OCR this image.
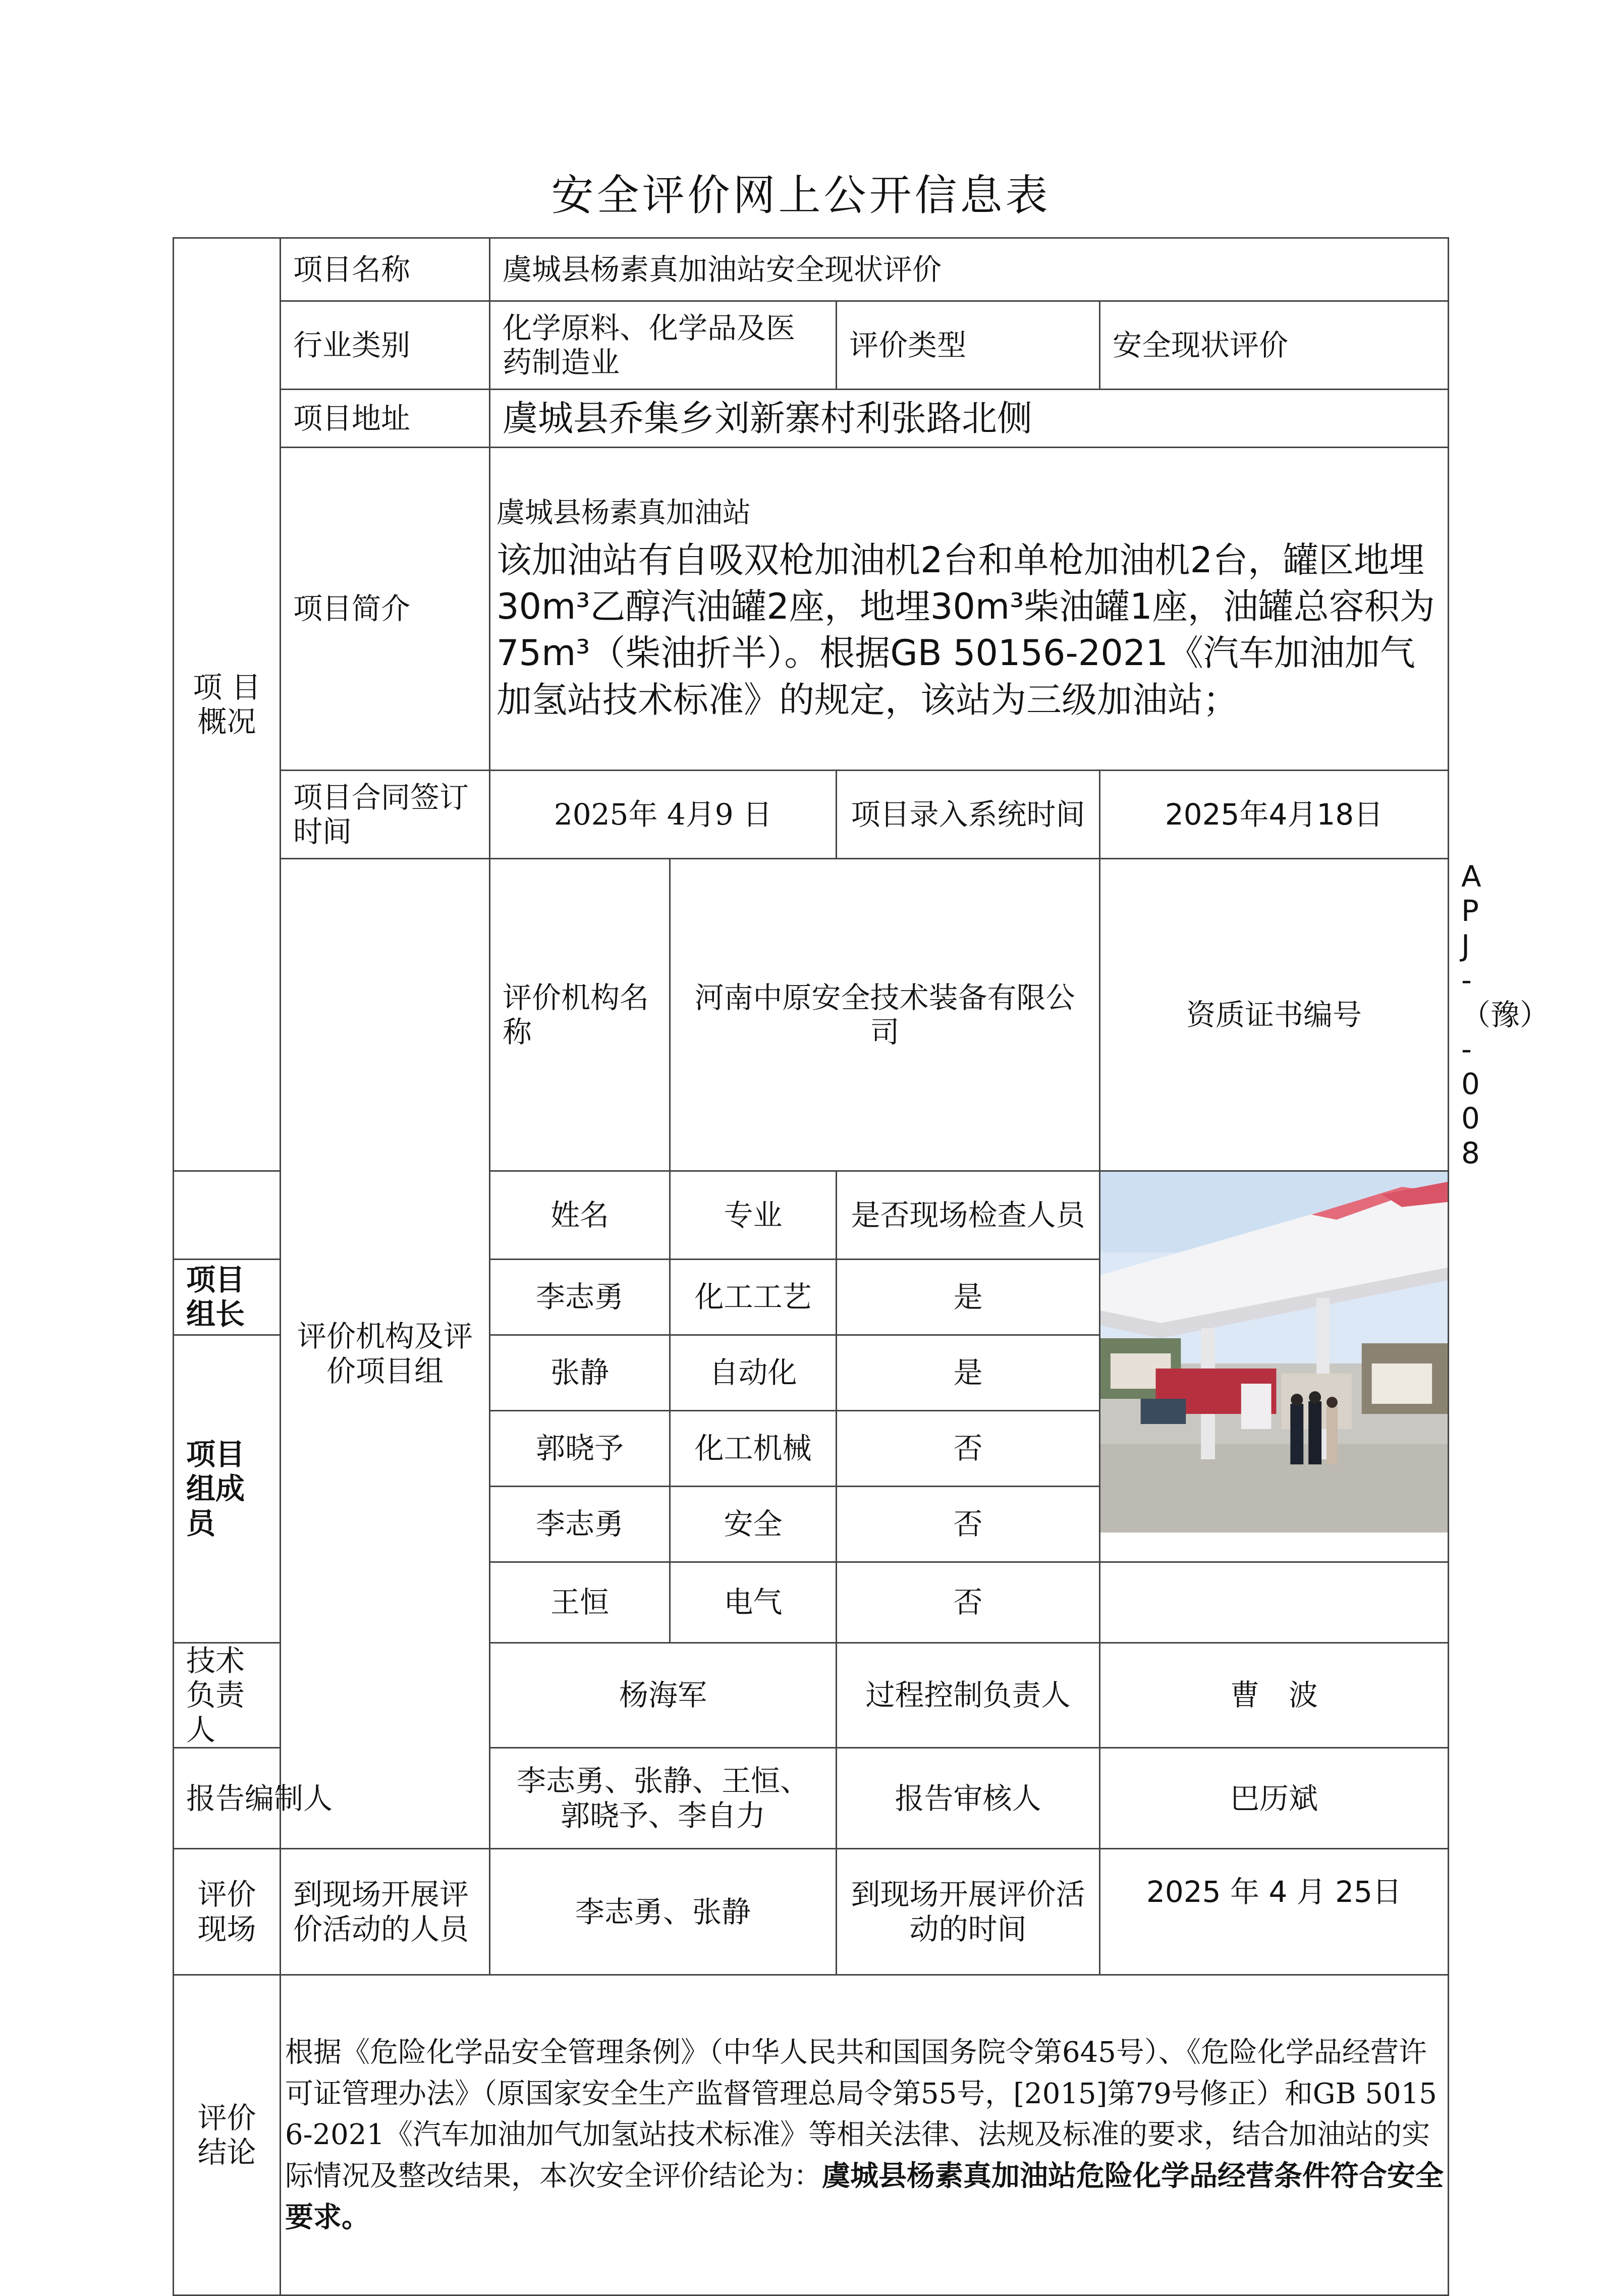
安全评价网上公开信息表
项 目 概况	项目名称	虞城县杨素真加油站安全现状评价				
	行业类别	化学原料、化学品及医药制造业		评价类型	安全现状评价	
	项目地址	虞城县乔集乡刘新寨村利张路北侧				
	项目简介	虞城县杨素真加油站
该加油站有自吸双枪加油机2台和单枪加油机2台，罐区地埋30m³乙醇汽油罐2座，地埋30m³柴油罐1座，油罐总容积为75m³（柴油折半）。根据GB 50156-2021《汽车加油加气加氢站技术标准》的规定，该站为三级加油站；				
	项目合同签订时间	2025年 4月9 日		项目录入系统时间	2025年4月18日	
	评价机构及评价项目组	评价机构名称	河南中原安全技术装备有限公司		资质证书编号	APJ-（豫）-008
		姓名	专业	是否现场检查人员	

项目组长		李志勇	化工工艺	是		
项目组成员		张静	自动化	是		
		郭晓予	化工机械	否		
		李志勇	安全	否		
		王恒	电气	否		
技术负责人		杨海军		过程控制负责人	曹　波	
报告编制人		李志勇、张静、王恒、郭晓予、李自力		报告审核人	巴历斌	
评价现场	到现场开展评价活动的人员	李志勇、张静		到现场开展评价活动的时间	2025 年 4 月 25日	
评价结论	根据《危险化学品安全管理条例》（中华人民共和国国务院令第645号）、《危险化学品经营许可证管理办法》（原国家安全生产监督管理总局令第55号，[2015]第79号修正）和GB 50156-2021《汽车加油加气加氢站技术标准》等相关法律、法规及标准的要求，结合加油站的实际情况及整改结果，本次安全评价结论为：虞城县杨素真加油站危险化学品经营条件符合安全要求。					
